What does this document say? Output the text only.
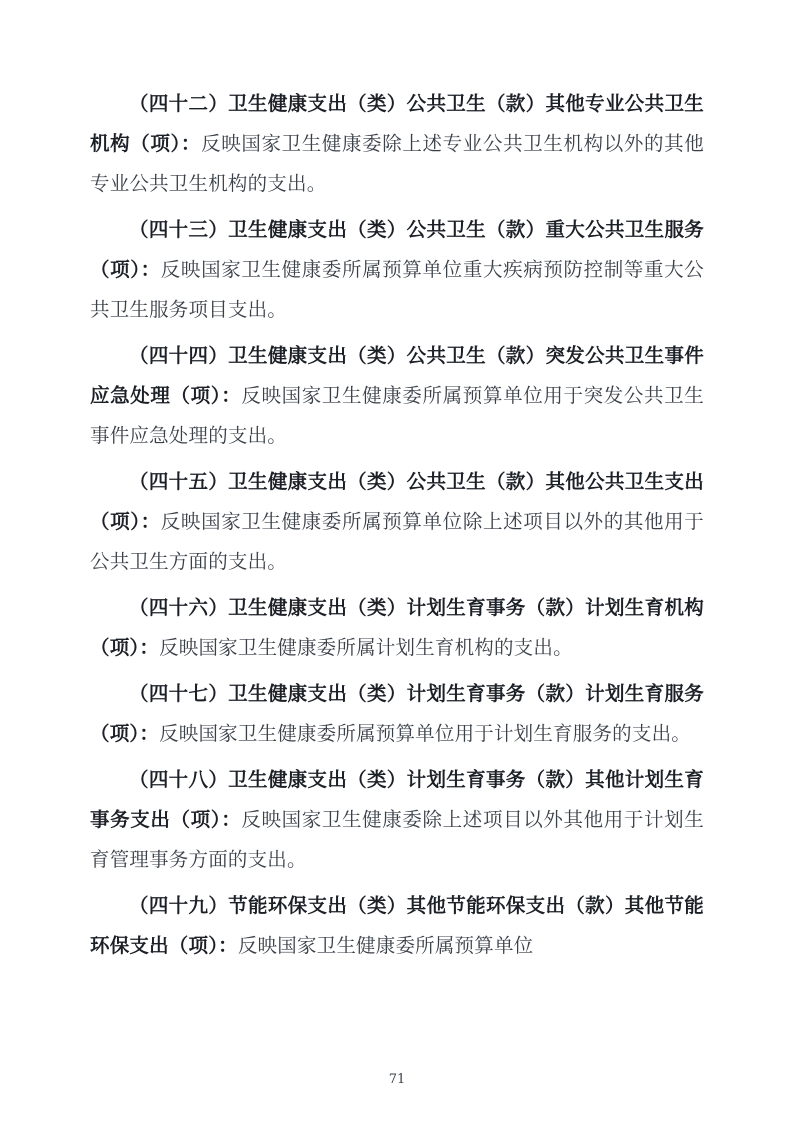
（四十二）卫生健康支出（类）公共卫生（款）其他专业公共卫生机构（项）：反映国家卫生健康委除上述专业公共卫生机构以外的其他专业公共卫生机构的支出。

（四十三）卫生健康支出（类）公共卫生（款）重大公共卫生服务（项）：反映国家卫生健康委所属预算单位重大疾病预防控制等重大公共卫生服务项目支出。

（四十四）卫生健康支出（类）公共卫生（款）突发公共卫生事件应急处理（项）：反映国家卫生健康委所属预算单位用于突发公共卫生事件应急处理的支出。

（四十五）卫生健康支出（类）公共卫生（款）其他公共卫生支出（项）：反映国家卫生健康委所属预算单位除上述项目以外的其他用于公共卫生方面的支出。

（四十六）卫生健康支出（类）计划生育事务（款）计划生育机构（项）：反映国家卫生健康委所属计划生育机构的支出。

（四十七）卫生健康支出（类）计划生育事务（款）计划生育服务（项）：反映国家卫生健康委所属预算单位用于计划生育服务的支出。

（四十八）卫生健康支出（类）计划生育事务（款）其他计划生育事务支出（项）：反映国家卫生健康委除上述项目以外其他用于计划生育管理事务方面的支出。

（四十九）节能环保支出（类）其他节能环保支出（款）其他节能环保支出（项）：反映国家卫生健康委所属预算单位

71
